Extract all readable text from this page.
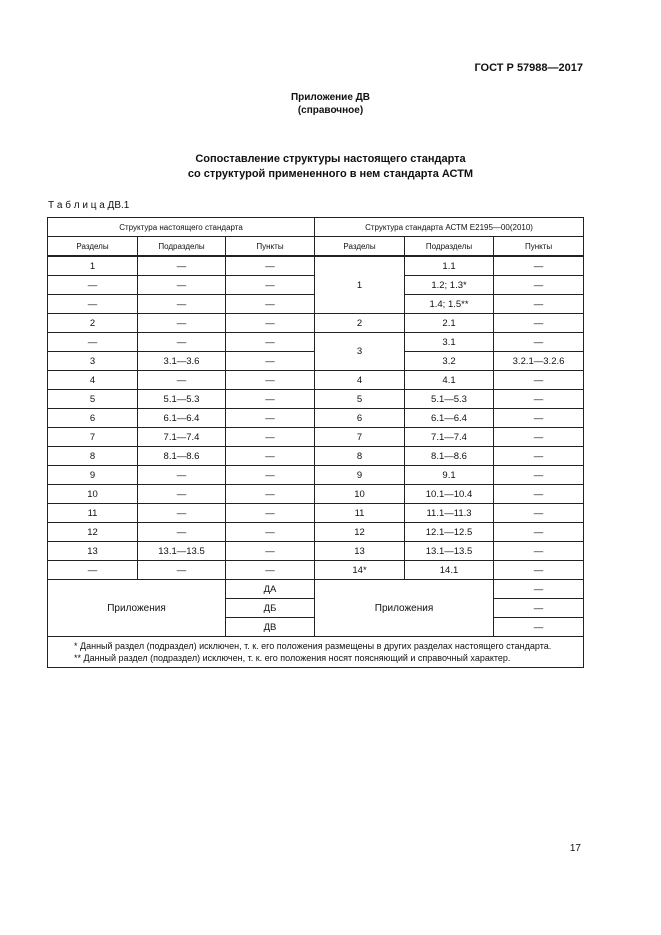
ГОСТ Р 57988—2017
Приложение ДВ
(справочное)
Сопоставление структуры настоящего стандарта
со структурой примененного в нем стандарта АСТМ
Т а б л и ц а ДВ.1
Структура настоящего стандарта			Структура стандарта АСТМ Е2195—00(2010)		
Разделы	Подразделы	Пункты	Разделы	Подразделы	Пункты

1	—	—	1	1.1	—
—	—	—		1.2; 1.3*	—
—	—	—		1.4; 1.5**	—
2	—	—	2	2.1	—
—	—	—	3	3.1	—
3	3.1—3.6	—		3.2	3.2.1—3.2.6
4	—	—	4	4.1	—
5	5.1—5.3	—	5	5.1—5.3	—
6	6.1—6.4	—	6	6.1—6.4	—
7	7.1—7.4	—	7	7.1—7.4	—
8	8.1—8.6	—	8	8.1—8.6	—
9	—	—	9	9.1	—
10	—	—	10	10.1—10.4	—
11	—	—	11	11.1—11.3	—
12	—	—	12	12.1—12.5	—
13	13.1—13.5	—	13	13.1—13.5	—
—	—	—	14*	14.1	—
Приложения		ДА	Приложения		—
		ДБ			—
		ДВ			—

* Данный раздел (подраздел) исключен, т. к. его положения размещены в других разделах настоящего стандарта.
** Данный раздел (подраздел) исключен, т. к. его положения носят поясняющий и справочный характер.					
17
